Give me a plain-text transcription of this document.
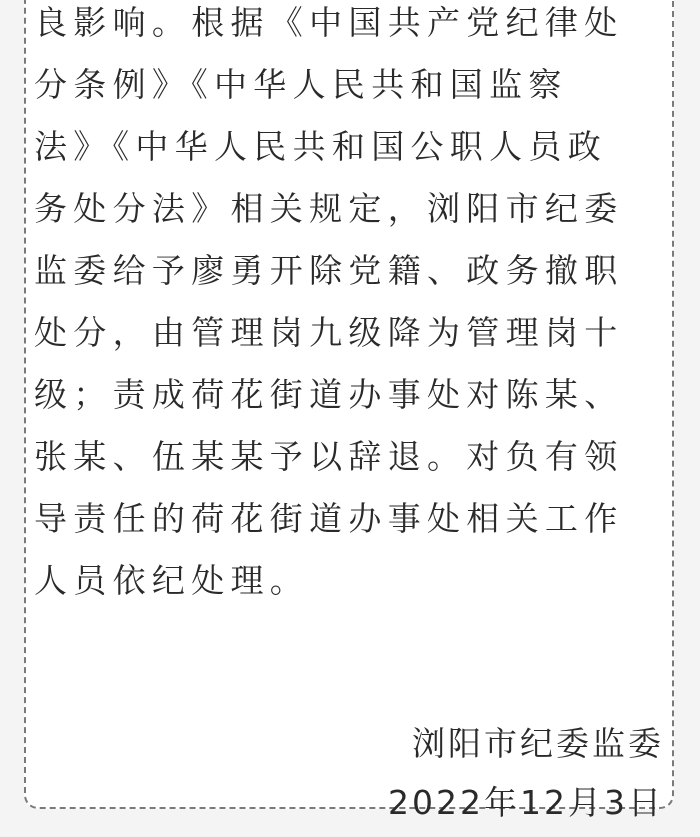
良影响。根据《中国共产党纪律处
分条例》《中华人民共和国监察
法》《中华人民共和国公职人员政
务处分法》相关规定，浏阳市纪委
监委给予廖勇开除党籍、政务撤职
处分，由管理岗九级降为管理岗十
级；责成荷花街道办事处对陈某、
张某、伍某某予以辞退。对负有领
导责任的荷花街道办事处相关工作
人员依纪处理。
浏阳市纪委监委
2022年12月3日
